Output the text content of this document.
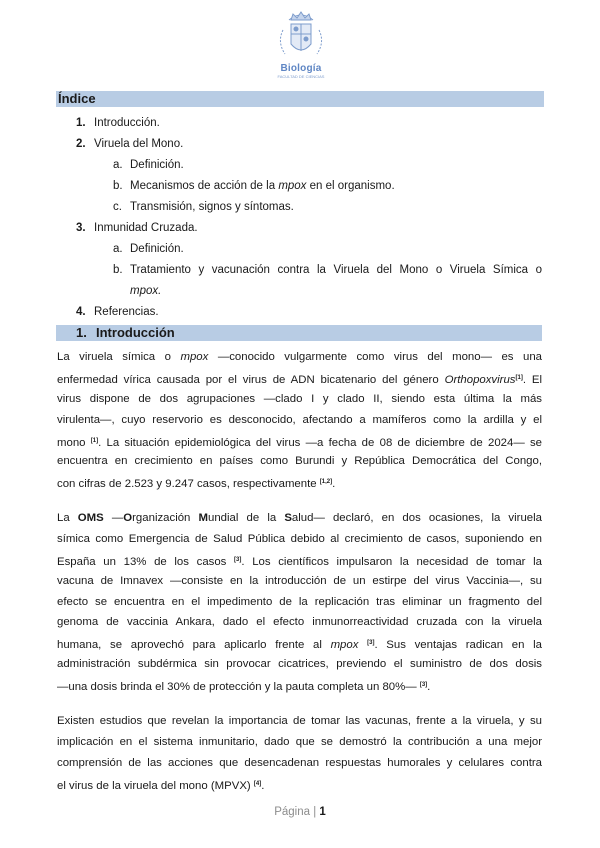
Biología
FACULTAD DE CIENCIAS
Índice
1. Introducción.
2. Viruela del Mono.
a. Definición.
b. Mecanismos de acción de la mpox en el organismo.
c. Transmisión, signos y síntomas.
3. Inmunidad Cruzada.
a. Definición.
b. Tratamiento y vacunación contra la Viruela del Mono o Viruela Símica o
mpox.
4. Referencias.
1. Introducción
La viruela símica o mpox —conocido vulgarmente como virus del mono— es una
enfermedad vírica causada por el virus de ADN bicatenario del género Orthopoxvirus[1]. El
virus dispone de dos agrupaciones —clado I y clado II, siendo esta última la más
virulenta—, cuyo reservorio es desconocido, afectando a mamíferos como la ardilla y el
mono [1]. La situación epidemiológica del virus —a fecha de 08 de diciembre de 2024— se
encuentra en crecimiento en países como Burundi y República Democrática del Congo,
con cifras de 2.523 y 9.247 casos, respectivamente [1,2].
La OMS —Organización Mundial de la Salud— declaró, en dos ocasiones, la viruela
símica como Emergencia de Salud Pública debido al crecimiento de casos, suponiendo en
España un 13% de los casos [3]. Los científicos impulsaron la necesidad de tomar la
vacuna de Imnavex —consiste en la introducción de un estirpe del virus Vaccinia—, su
efecto se encuentra en el impedimento de la replicación tras eliminar un fragmento del
genoma de vaccinia Ankara, dado el efecto inmunorreactividad cruzada con la viruela
humana, se aprovechó para aplicarlo frente al mpox [3]. Sus ventajas radican en la
administración subdérmica sin provocar cicatrices, previendo el suministro de dos dosis
—una dosis brinda el 30% de protección y la pauta completa un 80%— [3].
Existen estudios que revelan la importancia de tomar las vacunas, frente a la viruela, y su
implicación en el sistema inmunitario, dado que se demostró la contribución a una mejor
comprensión de las acciones que desencadenan respuestas humorales y celulares contra
el virus de la viruela del mono (MPVX) [4].
Página | 1
